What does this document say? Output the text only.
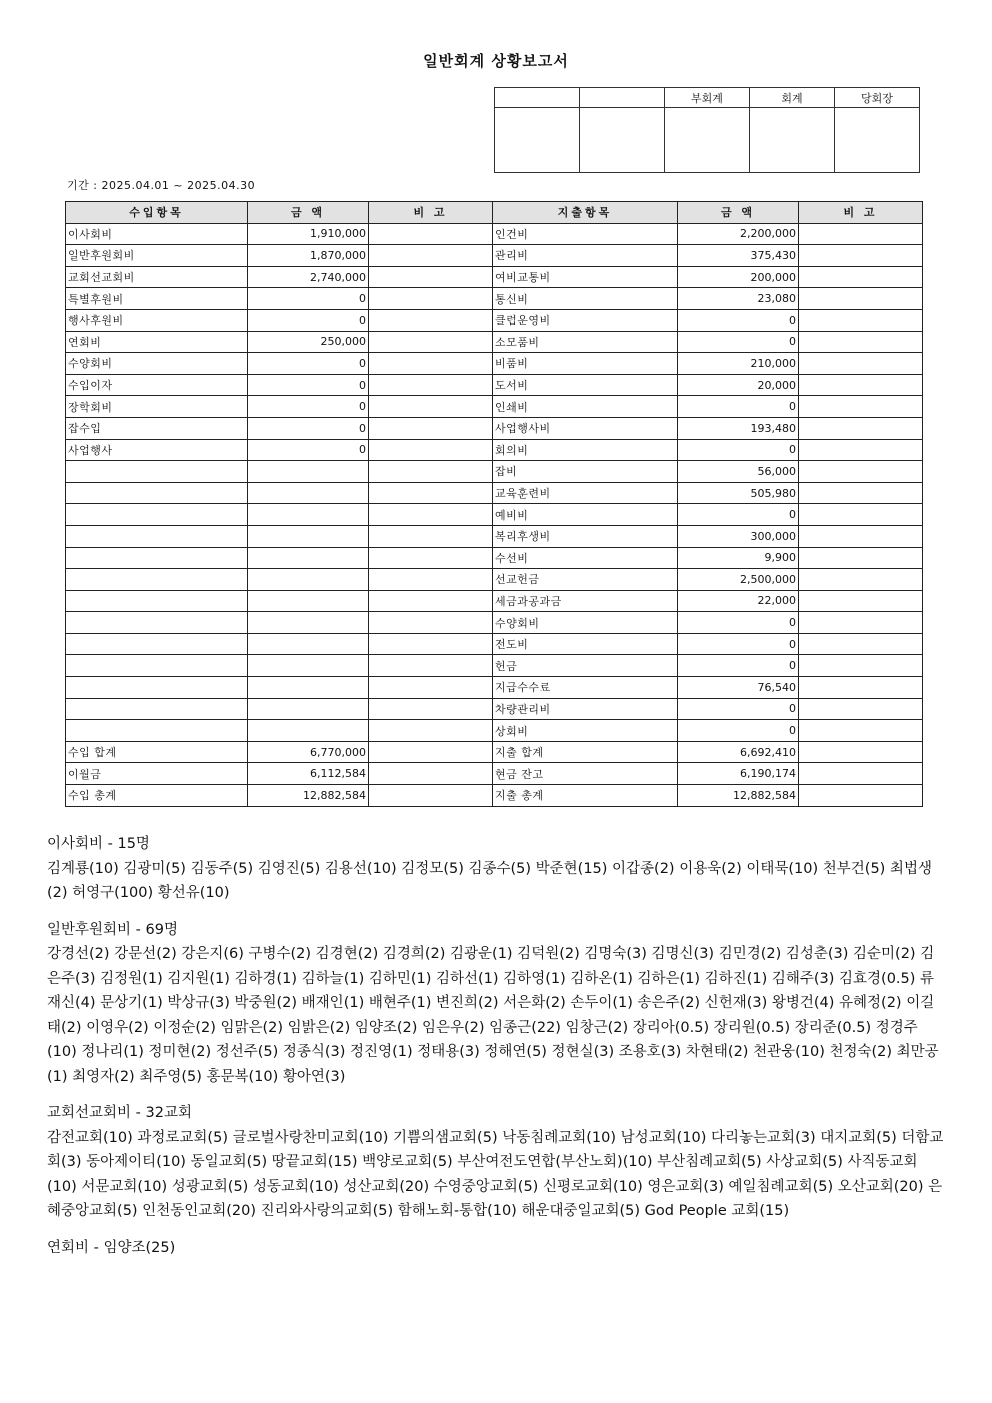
일반회계 상황보고서
		부회계	회계	당회장

기간 : 2025.04.01 ~ 2025.04.30
수입항목	금 액	비 고	지출항목	금 액	비 고
이사회비	1,910,000		인건비	2,200,000	
일반후원회비	1,870,000		관리비	375,430	
교회선교회비	2,740,000		여비교통비	200,000	
특별후원비	0		통신비	23,080	
행사후원비	0		클럽운영비	0	
연회비	250,000		소모품비	0	
수양회비	0		비품비	210,000	
수입이자	0		도서비	20,000	
장학회비	0		인쇄비	0	
잡수입	0		사업행사비	193,480	
사업행사	0		회의비	0	
			잡비	56,000	
			교육훈련비	505,980	
			예비비	0	
			복리후생비	300,000	
			수선비	9,900	
			선교헌금	2,500,000	
			세금과공과금	22,000	
			수양회비	0	
			전도비	0	
			헌금	0	
			지급수수료	76,540	
			차량관리비	0	
			상회비	0	
수입 합계	6,770,000		지출 합계	6,692,410	
이월금	6,112,584		현금 잔고	6,190,174	
수입 총계	12,882,584		지출 총계	12,882,584	

이사회비 - 15명

김계룡(10) 김광미(5) 김동주(5) 김영진(5) 김용선(10) 김정모(5) 김종수(5) 박준현(15) 이갑종(2) 이용욱(2) 이태묵(10) 천부건(5) 최법생(2) 허영구(100) 황선유(10)

일반후원회비 - 69명

강경선(2) 강문선(2) 강은지(6) 구병수(2) 김경현(2) 김경희(2) 김광운(1) 김덕원(2) 김명숙(3) 김명신(3) 김민경(2) 김성춘(3) 김순미(2) 김은주(3) 김정원(1) 김지원(1) 김하경(1) 김하늘(1) 김하민(1) 김하선(1) 김하영(1) 김하온(1) 김하은(1) 김하진(1) 김해주(3) 김효경(0.5) 류재신(4) 문상기(1) 박상규(3) 박중원(2) 배재인(1) 배현주(1) 변진희(2) 서은화(2) 손두이(1) 송은주(2) 신헌재(3) 왕병건(4) 유혜정(2) 이길태(2) 이영우(2) 이정순(2) 임맑은(2) 임밝은(2) 임양조(2) 임은우(2) 임종근(22) 임창근(2) 장리아(0.5) 장리원(0.5) 장리준(0.5) 정경주(10) 정나리(1) 정미현(2) 정선주(5) 정종식(3) 정진영(1) 정태용(3) 정해연(5) 정현실(3) 조용호(3) 차현태(2) 천관웅(10) 천정숙(2) 최만공(1) 최영자(2) 최주영(5) 홍문복(10) 황아연(3)

교회선교회비 - 32교회

감전교회(10) 과정로교회(5) 글로벌사랑찬미교회(10) 기쁨의샘교회(5) 낙동침례교회(10) 남성교회(10) 다리놓는교회(3) 대지교회(5) 더함교회(3) 동아제이티(10) 동일교회(5) 땅끝교회(15) 백양로교회(5) 부산여전도연합(부산노회)(10) 부산침례교회(5) 사상교회(5) 사직동교회(10) 서문교회(10) 성광교회(5) 성동교회(10) 성산교회(20) 수영중앙교회(5) 신평로교회(10) 영은교회(3) 예일침례교회(5) 오산교회(20) 은혜중앙교회(5) 인천동인교회(20) 진리와사랑의교회(5) 함해노회-통합(10) 해운대중일교회(5) God People 교회(15)

연회비 - 임양조(25)
